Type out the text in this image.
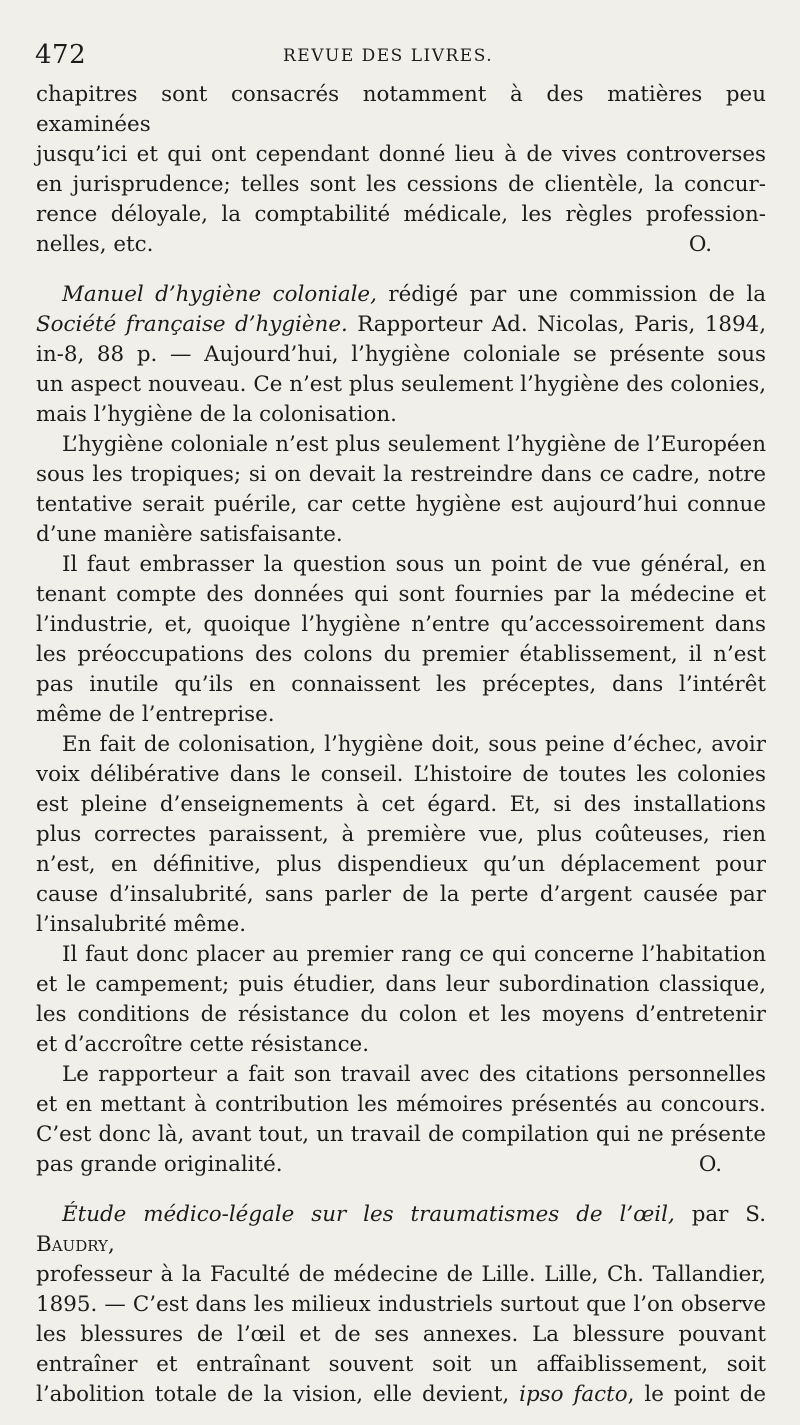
472	REVUE DES LIVRES.

chapitres sont consacrés notamment à des matières peu examinées

jusqu’ici et qui ont cependant donné lieu à de vives controverses

en jurisprudence; telles sont les cessions de clientèle, la concur-

rence déloyale, la comptabilité médicale, les règles profession-

nelles, etc.	O.

Manuel d’hygiène coloniale, rédigé par une commission de la

Société française d’hygiène. Rapporteur Ad. Nicolas, Paris, 1894,

in-8, 88 p. — Aujourd’hui, l’hygiène coloniale se présente sous

un aspect nouveau. Ce n’est plus seulement l’hygiène des colonies,

mais l’hygiène de la colonisation.

L’hygiène coloniale n’est plus seulement l’hygiène de l’Européen

sous les tropiques; si on devait la restreindre dans ce cadre, notre

tentative serait puérile, car cette hygiène est aujourd’hui connue

d’une manière satisfaisante.

Il faut embrasser la question sous un point de vue général, en

tenant compte des données qui sont fournies par la médecine et

l’industrie, et, quoique l’hygiène n’entre qu’accessoirement dans

les préoccupations des colons du premier établissement, il n’est

pas inutile qu’ils en connaissent les préceptes, dans l’intérêt

même de l’entreprise.

En fait de colonisation, l’hygiène doit, sous peine d’échec, avoir

voix délibérative dans le conseil. L’histoire de toutes les colonies

est pleine d’enseignements à cet égard. Et, si des installations

plus correctes paraissent, à première vue, plus coûteuses, rien

n’est, en définitive, plus dispendieux qu’un déplacement pour

cause d’insalubrité, sans parler de la perte d’argent causée par

l’insalubrité même.

Il faut donc placer au premier rang ce qui concerne l’habitation

et le campement; puis étudier, dans leur subordination classique,

les conditions de résistance du colon et les moyens d’entretenir

et d’accroître cette résistance.

Le rapporteur a fait son travail avec des citations personnelles

et en mettant à contribution les mémoires présentés au concours.

C’est donc là, avant tout, un travail de compilation qui ne présente

pas grande originalité.	O.

Étude médico-légale sur les traumatismes de l’œil, par S. Baudry,

professeur à la Faculté de médecine de Lille. Lille, Ch. Tallandier,

1895. — C’est dans les milieux industriels surtout que l’on observe

les blessures de l’œil et de ses annexes. La blessure pouvant

entraîner et entraînant souvent soit un affaiblissement, soit

l’abolition totale de la vision, elle devient, ipso facto, le point de
